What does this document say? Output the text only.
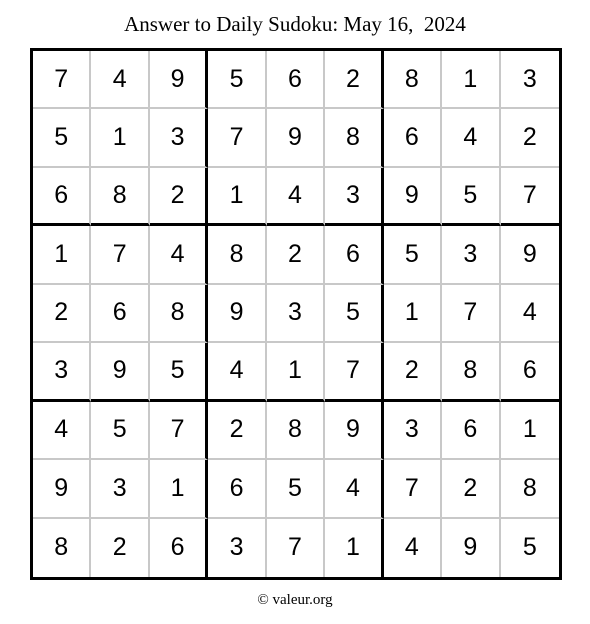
Answer to Daily Sudoku: May 16,  2024
7	4	9	5	6	2	8	1	3
5	1	3	7	9	8	6	4	2
6	8	2	1	4	3	9	5	7
1	7	4	8	2	6	5	3	9
2	6	8	9	3	5	1	7	4
3	9	5	4	1	7	2	8	6
4	5	7	2	8	9	3	6	1
9	3	1	6	5	4	7	2	8
8	2	6	3	7	1	4	9	5
© valeur.org
